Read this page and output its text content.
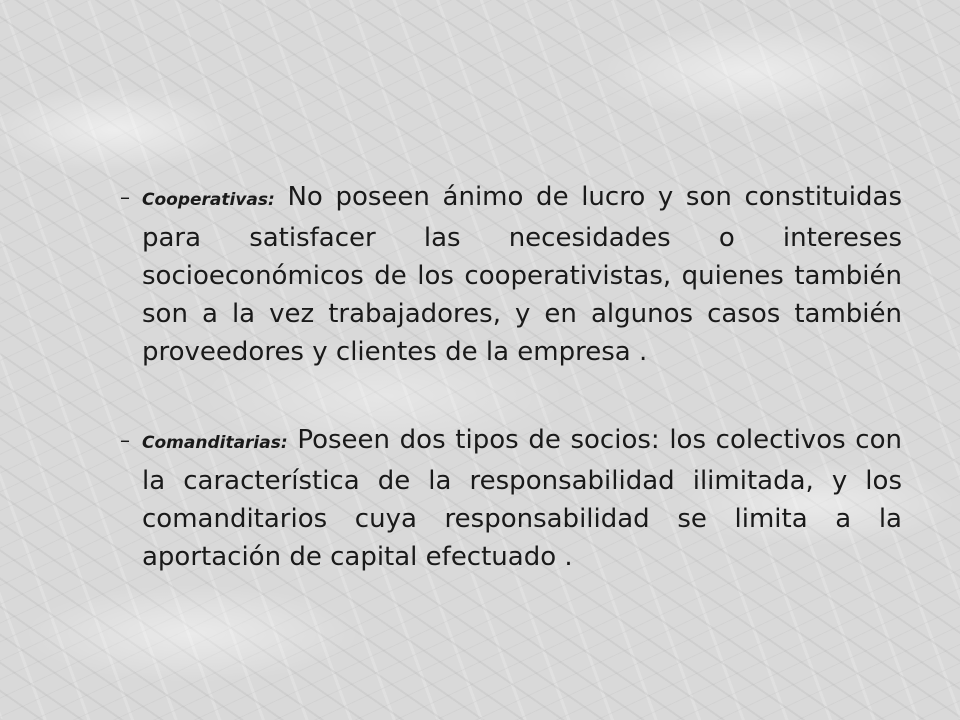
– Cooperativas: No poseen ánimo de lucro y son constituidas para satisfacer las necesidades o intereses socioeconómicos de los cooperativistas, quienes también son a la vez trabajadores, y en algunos casos también proveedores y clientes de la empresa .
– Comanditarias: Poseen dos tipos de socios: los colectivos con la característica de la responsabilidad ilimitada, y los comanditarios cuya responsabilidad se limita a la aportación de capital efectuado .
